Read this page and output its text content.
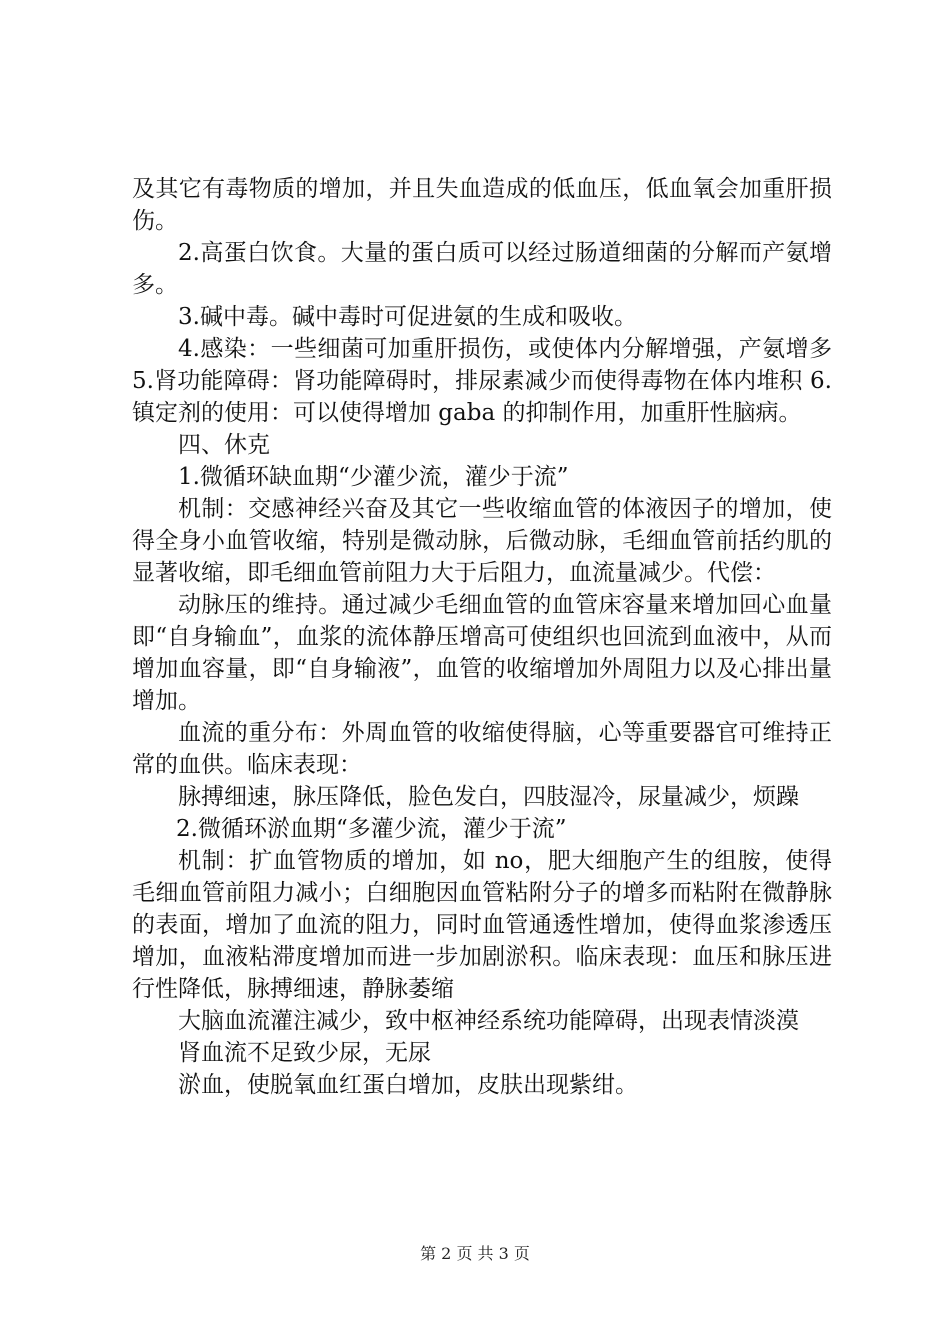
及其它有毒物质的增加，并且失血造成的低血压，低血氧会加重肝损伤。

2.高蛋白饮食。大量的蛋白质可以经过肠道细菌的分解而产氨增多。

3.碱中毒。碱中毒时可促进氨的生成和吸收。

4.感染：一些细菌可加重肝损伤，或使体内分解增强，产氨增多 5.肾功能障碍：肾功能障碍时，排尿素减少而使得毒物在体内堆积 6.镇定剂的使用：可以使得增加 gaba 的抑制作用，加重肝性脑病。

四、休克

1.微循环缺血期“少灌少流，灌少于流”

机制：交感神经兴奋及其它一些收缩血管的体液因子的增加，使得全身小血管收缩，特别是微动脉，后微动脉，毛细血管前括约肌的显著收缩，即毛细血管前阻力大于后阻力，血流量减少。代偿：

动脉压的维持。通过减少毛细血管的血管床容量来增加回心血量即“自身输血”，血浆的流体静压增高可使组织也回流到血液中，从而增加血容量，即“自身输液”，血管的收缩增加外周阻力以及心排出量增加。

血流的重分布：外周血管的收缩使得脑，心等重要器官可维持正常的血供。临床表现：

脉搏细速，脉压降低，脸色发白，四肢湿冷，尿量减少，烦躁

2.微循环淤血期“多灌少流，灌少于流”

机制：扩血管物质的增加，如 no，肥大细胞产生的组胺，使得毛细血管前阻力减小；白细胞因血管粘附分子的增多而粘附在微静脉的表面，增加了血流的阻力，同时血管通透性增加，使得血浆渗透压增加，血液粘滞度增加而进一步加剧淤积。临床表现：血压和脉压进行性降低，脉搏细速，静脉萎缩

大脑血流灌注减少，致中枢神经系统功能障碍，出现表情淡漠

肾血流不足致少尿，无尿

淤血，使脱氧血红蛋白增加，皮肤出现紫绀。

第 2 页 共 3 页
